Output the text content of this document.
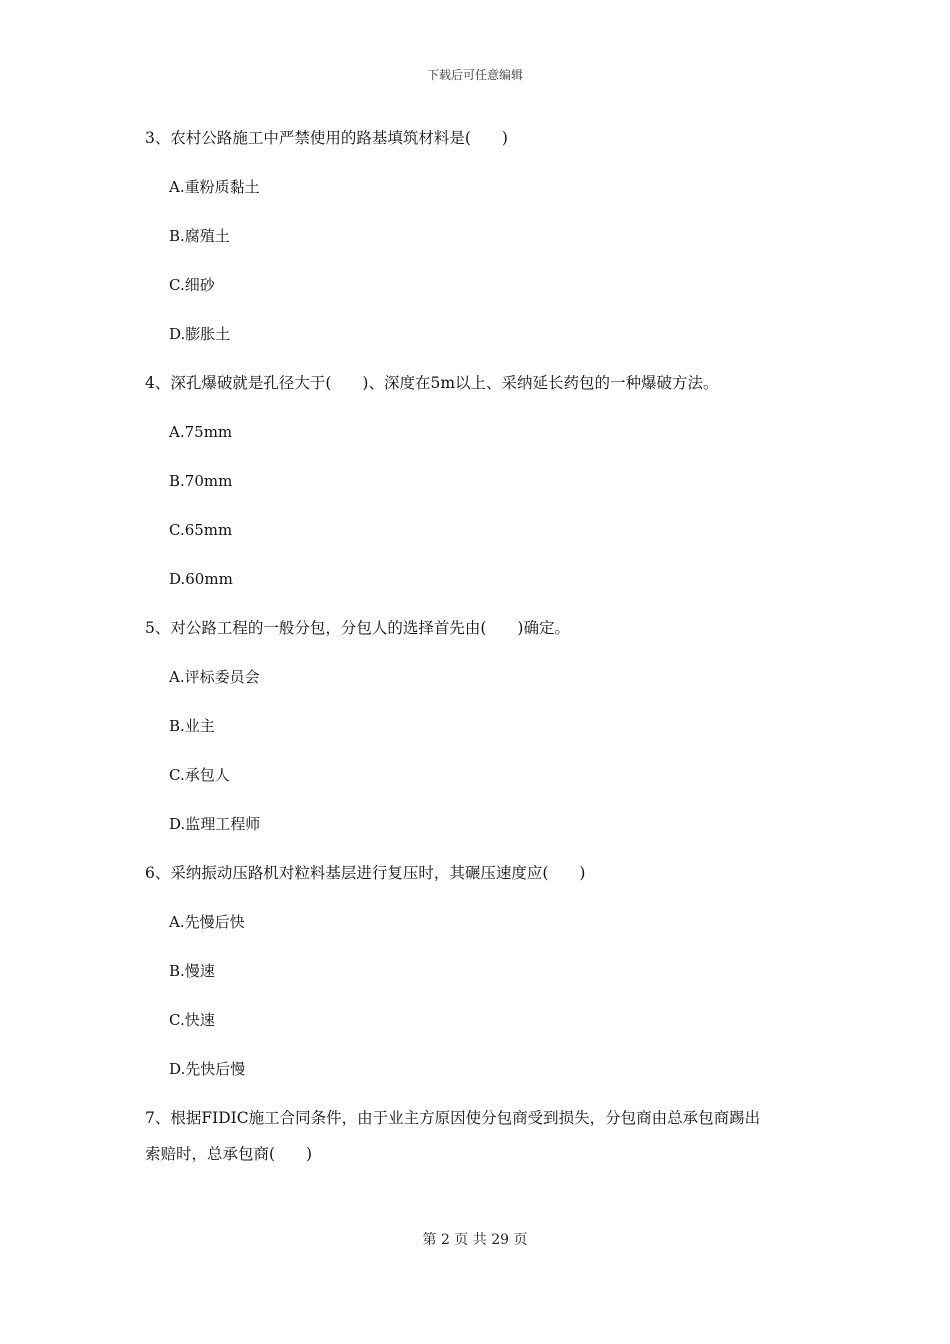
下载后可任意编辑

3、农村公路施工中严禁使用的路基填筑材料是(　　)

A.重粉质黏土

B.腐殖土

C.细砂

D.膨胀土

4、深孔爆破就是孔径大于(　　)、深度在5m以上、采纳延长药包的一种爆破方法。

A.75mm

B.70mm

C.65mm

D.60mm

5、对公路工程的一般分包，分包人的选择首先由(　　)确定。

A.评标委员会

B.业主

C.承包人

D.监理工程师

6、采纳振动压路机对粒料基层进行复压时，其碾压速度应(　　)

A.先慢后快

B.慢速

C.快速

D.先快后慢

7、根据FIDIC施工合同条件，由于业主方原因使分包商受到损失，分包商由总承包商踢出

索赔时，总承包商(　　)

第 2 页 共 29 页
